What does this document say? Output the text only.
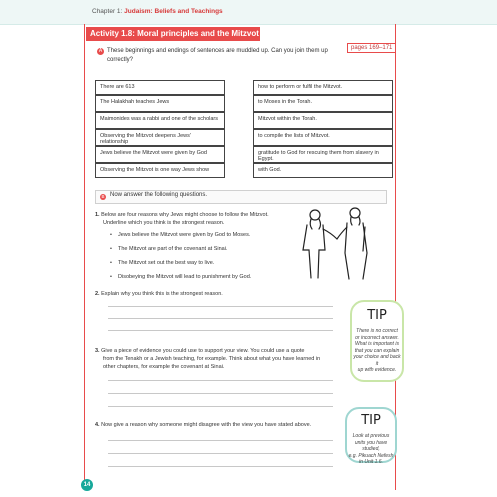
Chapter 1: Judaism: Beliefs and Teachings
Activity 1.8: Moral principles and the Mitzvot
pages 169–171
A These beginnings and endings of sentences are muddled up. Can you join them up correctly?
There are 613
The Halakhah teaches Jews
Maimonides was a rabbi and one of the scholars
Observing the Mitzvot deepens Jews' relationship
Jews believe the Mitzvot were given by God
Observing the Mitzvot is one way Jews show
how to perform or fulfil the Mitzvot.
to Moses in the Torah.
Mitzvot within the Torah.
to compile the lists of Mitzvot.
gratitude to God for rescuing them from slavery in Egypt.
with God.
B Now answer the following questions.
1. Below are four reasons why Jews might choose to follow the Mitzvot.
Underline which you think is the strongest reason.
• Jews believe the Mitzvot were given by God to Moses.
• The Mitzvot are part of the covenant at Sinai.
• The Mitzvot set out the best way to live.
• Disobeying the Mitzvot will lead to punishment by God.
2. Explain why you think this is the strongest reason.
3. Give a piece of evidence you could use to support your view. You could use a quote
from the Tenakh or a Jewish teaching, for example. Think about what you have learned in
other chapters, for example the covenant at Sinai.
4. Now give a reason why someone might disagree with the view you have stated above.
TIP
There is no correct
or incorrect answer.
What is important is
that you can explain
your choice and back it
up with evidence.
TIP
Look at previous
units you have studied,
e.g. Pikuach Nefesh
in Unit 1.6.
14
